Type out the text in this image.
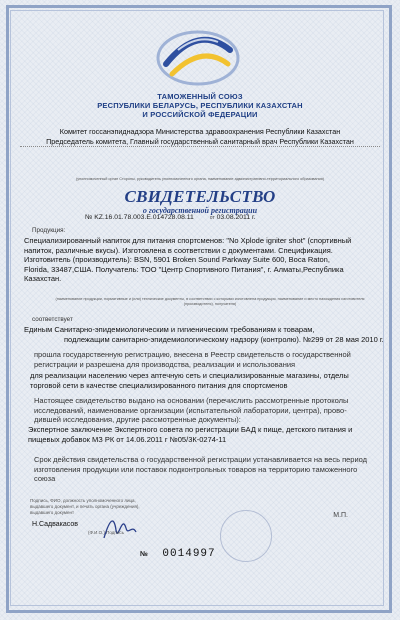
ТАМОЖЕННЫЙ СОЮЗ
РЕСПУБЛИКИ БЕЛАРУСЬ, РЕСПУБЛИКИ КАЗАХСТАН
И РОССИЙСКОЙ ФЕДЕРАЦИИ
Комитет госсанэпиднадзора Министерства здравоохранения Республики Казахстан
Председатель комитета, Главный государственный санитарный врач Республики Казахстан
(уполномоченный орган Стороны, руководитель уполномоченного органа, наименование административно-территориального образования)
СВИДЕТЕЛЬСТВО
о государственной регистрации
№ KZ.16.01.78.003.E.014728.08.11	от 03.08.2011 г.
Продукция:
Специализированный напиток для питания спортсменов: "No Xplode igniter shot" (спортивный
напиток, различные вкусы). Изготовлена в соответствии с документами. Спецификация.
Изготовитель (производитель): BSN, 5901 Broken Sound Parkway Suite 600, Boca Raton,
Florida, 33487,США. Получатель: ТОО "Центр Спортивного Питания", г. Алматы,Республика
Казахстан.
(наименование продукции, нормативные и (или) технические документы, в соответствии с которыми изготовлена продукция, наименование и место нахождения изготовителя (производителя), получателя)
соответствует
Единым Санитарно-эпидемиологическим и гигиеническим требованиям к товарам,
подлежащим санитарно-эпидемиологическому надзору (контролю). №299 от 28 мая 2010 г.
прошла государственную регистрацию, внесена в Реестр свидетельств о государственной
регистрации и разрешена для производства, реализации и использования
для реализации населению через аптечную сеть и специализированные магазины, отделы
торговой сети в качестве специализированного питания для спортсменов
Настоящее свидетельство выдано на основании (перечислить рассмотренные протоколы
исследований, наименование организации (испытательной лаборатории, центра), прово-
дившей исследования, другие рассмотренные документы):
Экспертное заключение Экспертного совета по регистрации БАД к пище, детского питания и
пищевых добавок МЗ РК от 14.06.2011 г №05/3К-0274-11
Срок действия свидетельства о государственной регистрации устанавливается на весь период
изготовления продукции или поставок подконтрольных товаров на территорию таможенного
союза
Подпись, ФИО, должность уполномоченного лица, выдавшего документ, и печать органа (учреждения), выдавшего документ
Н.Садвакасов
(Ф.И.О.) Подпись
М.П.
№ 0014997
